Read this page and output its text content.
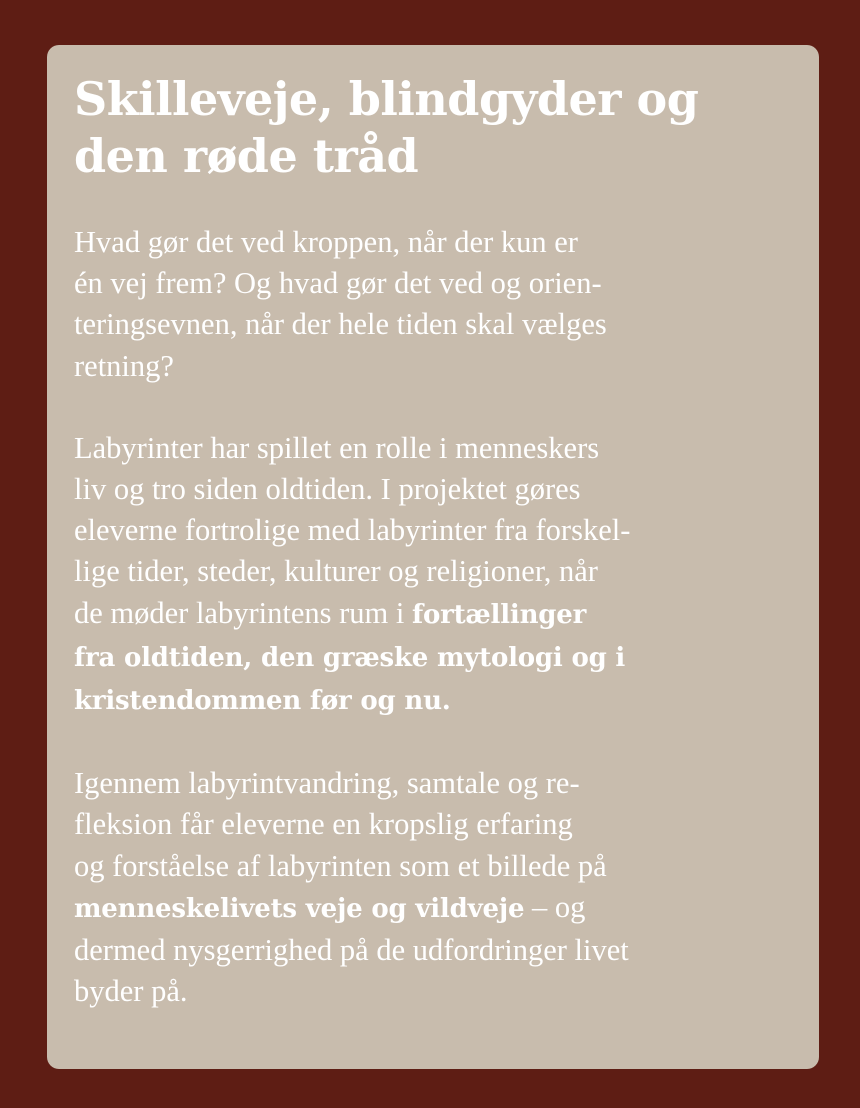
Skilleveje, blindgyder og
den røde tråd

Hvad gør det ved kroppen, når der kun er
én vej frem? Og hvad gør det ved og orien-
teringsevnen, når der hele tiden skal vælges
retning?

Labyrinter har spillet en rolle i menneskers
liv og tro siden oldtiden. I projektet gøres
eleverne fortrolige med labyrinter fra forskel-
lige tider, steder, kulturer og religioner, når
de møder labyrintens rum i fortællinger
fra oldtiden, den græske mytologi og i
kristendommen før og nu.

Igennem labyrintvandring, samtale og re-
fleksion får eleverne en kropslig erfaring
og forståelse af labyrinten som et billede på
menneskelivets veje og vildveje – og
dermed nysgerrighed på de udfordringer livet
byder på.
